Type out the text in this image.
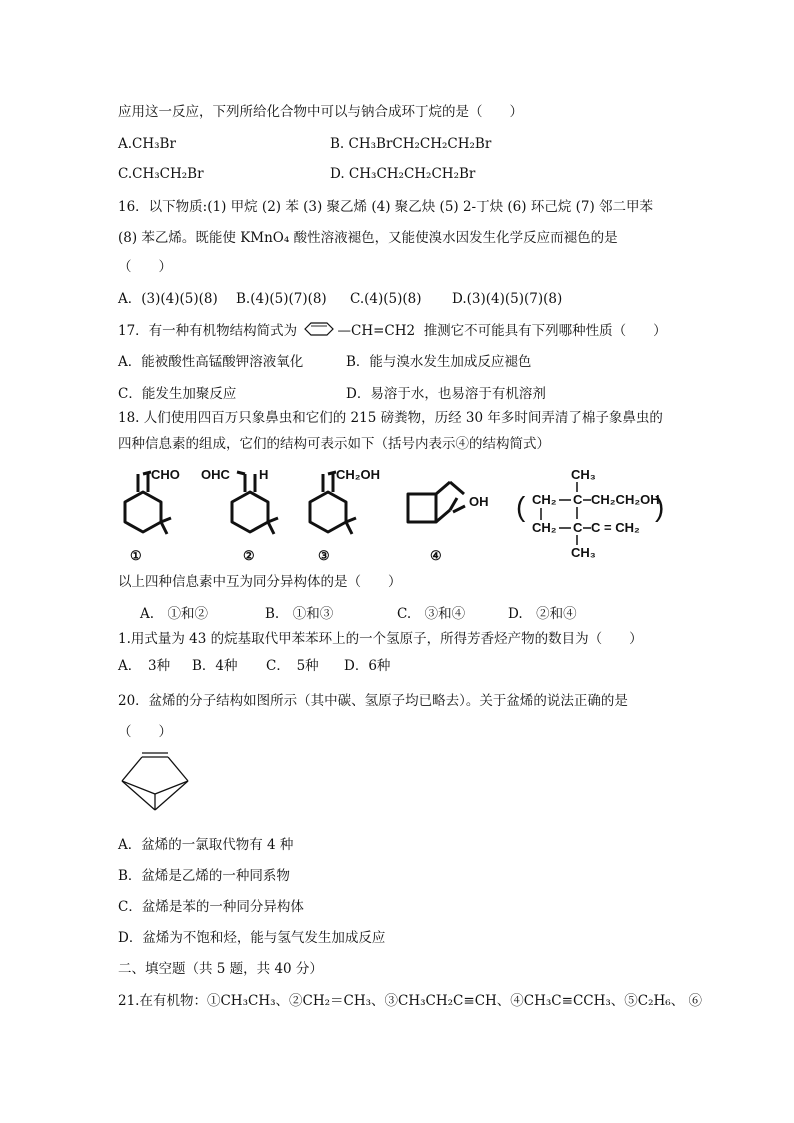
应用这一反应，下列所给化合物中可以与钠合成环丁烷的是（　　）
A.CH₃Br	B. CH₃BrCH₂CH₂CH₂Br
C.CH₃CH₂Br	D. CH₃CH₂CH₂CH₂Br
16．以下物质:(1) 甲烷 (2) 苯 (3) 聚乙烯 (4) 聚乙炔 (5) 2-丁炔 (6) 环己烷 (7) 邻二甲苯
(8) 苯乙烯。既能使 KMnO₄ 酸性溶液褪色，又能使溴水因发生化学反应而褪色的是
（　　）
A．(3)(4)(5)(8) B.(4)(5)(7)(8) C.(4)(5)(8) D.(3)(4)(5)(7)(8)
17．有一种有机物结构简式为	—CH=CH2 推测它不可能具有下列哪种性质（　　）
A．能被酸性高锰酸钾溶液氧化	B．能与溴水发生加成反应褪色
C．能发生加聚反应	D．易溶于水，也易溶于有机溶剂
18. 人们使用四百万只象鼻虫和它们的 215 磅粪物，历经 30 年多时间弄清了棉子象鼻虫的
四种信息素的组成，它们的结构可表示如下（括号内表示④的结构简式）
CHO OHC H	CH₂OH
OH (
CH₃
CH₂ C CH₂CH₂OH
CH₂ C C = CH₂
CH₃
)
①	②	③	④
以上四种信息素中互为同分异构体的是（　　）
A.　①和②	B.　①和③	C.　③和④	D.　②和④
1.用式量为 43 的烷基取代甲苯苯环上的一个氢原子，所得芳香烃产物的数目为（　　）
A．　3种 B．4种 C．　5种 D．6种
20．盆烯的分子结构如图所示（其中碳、氢原子均已略去）。关于盆烯的说法正确的是
（　　）
A．盆烯的一氯取代物有 4 种
B．盆烯是乙烯的一种同系物
C．盆烯是苯的一种同分异构体
D．盆烯为不饱和烃，能与氢气发生加成反应
二、填空题（共 5 题，共 40 分）
21.在有机物：①CH₃CH₃、②CH₂＝CH₃、③CH₃CH₂C≡CH、④CH₃C≡CCH₃、⑤C₂H₆、 ⑥
